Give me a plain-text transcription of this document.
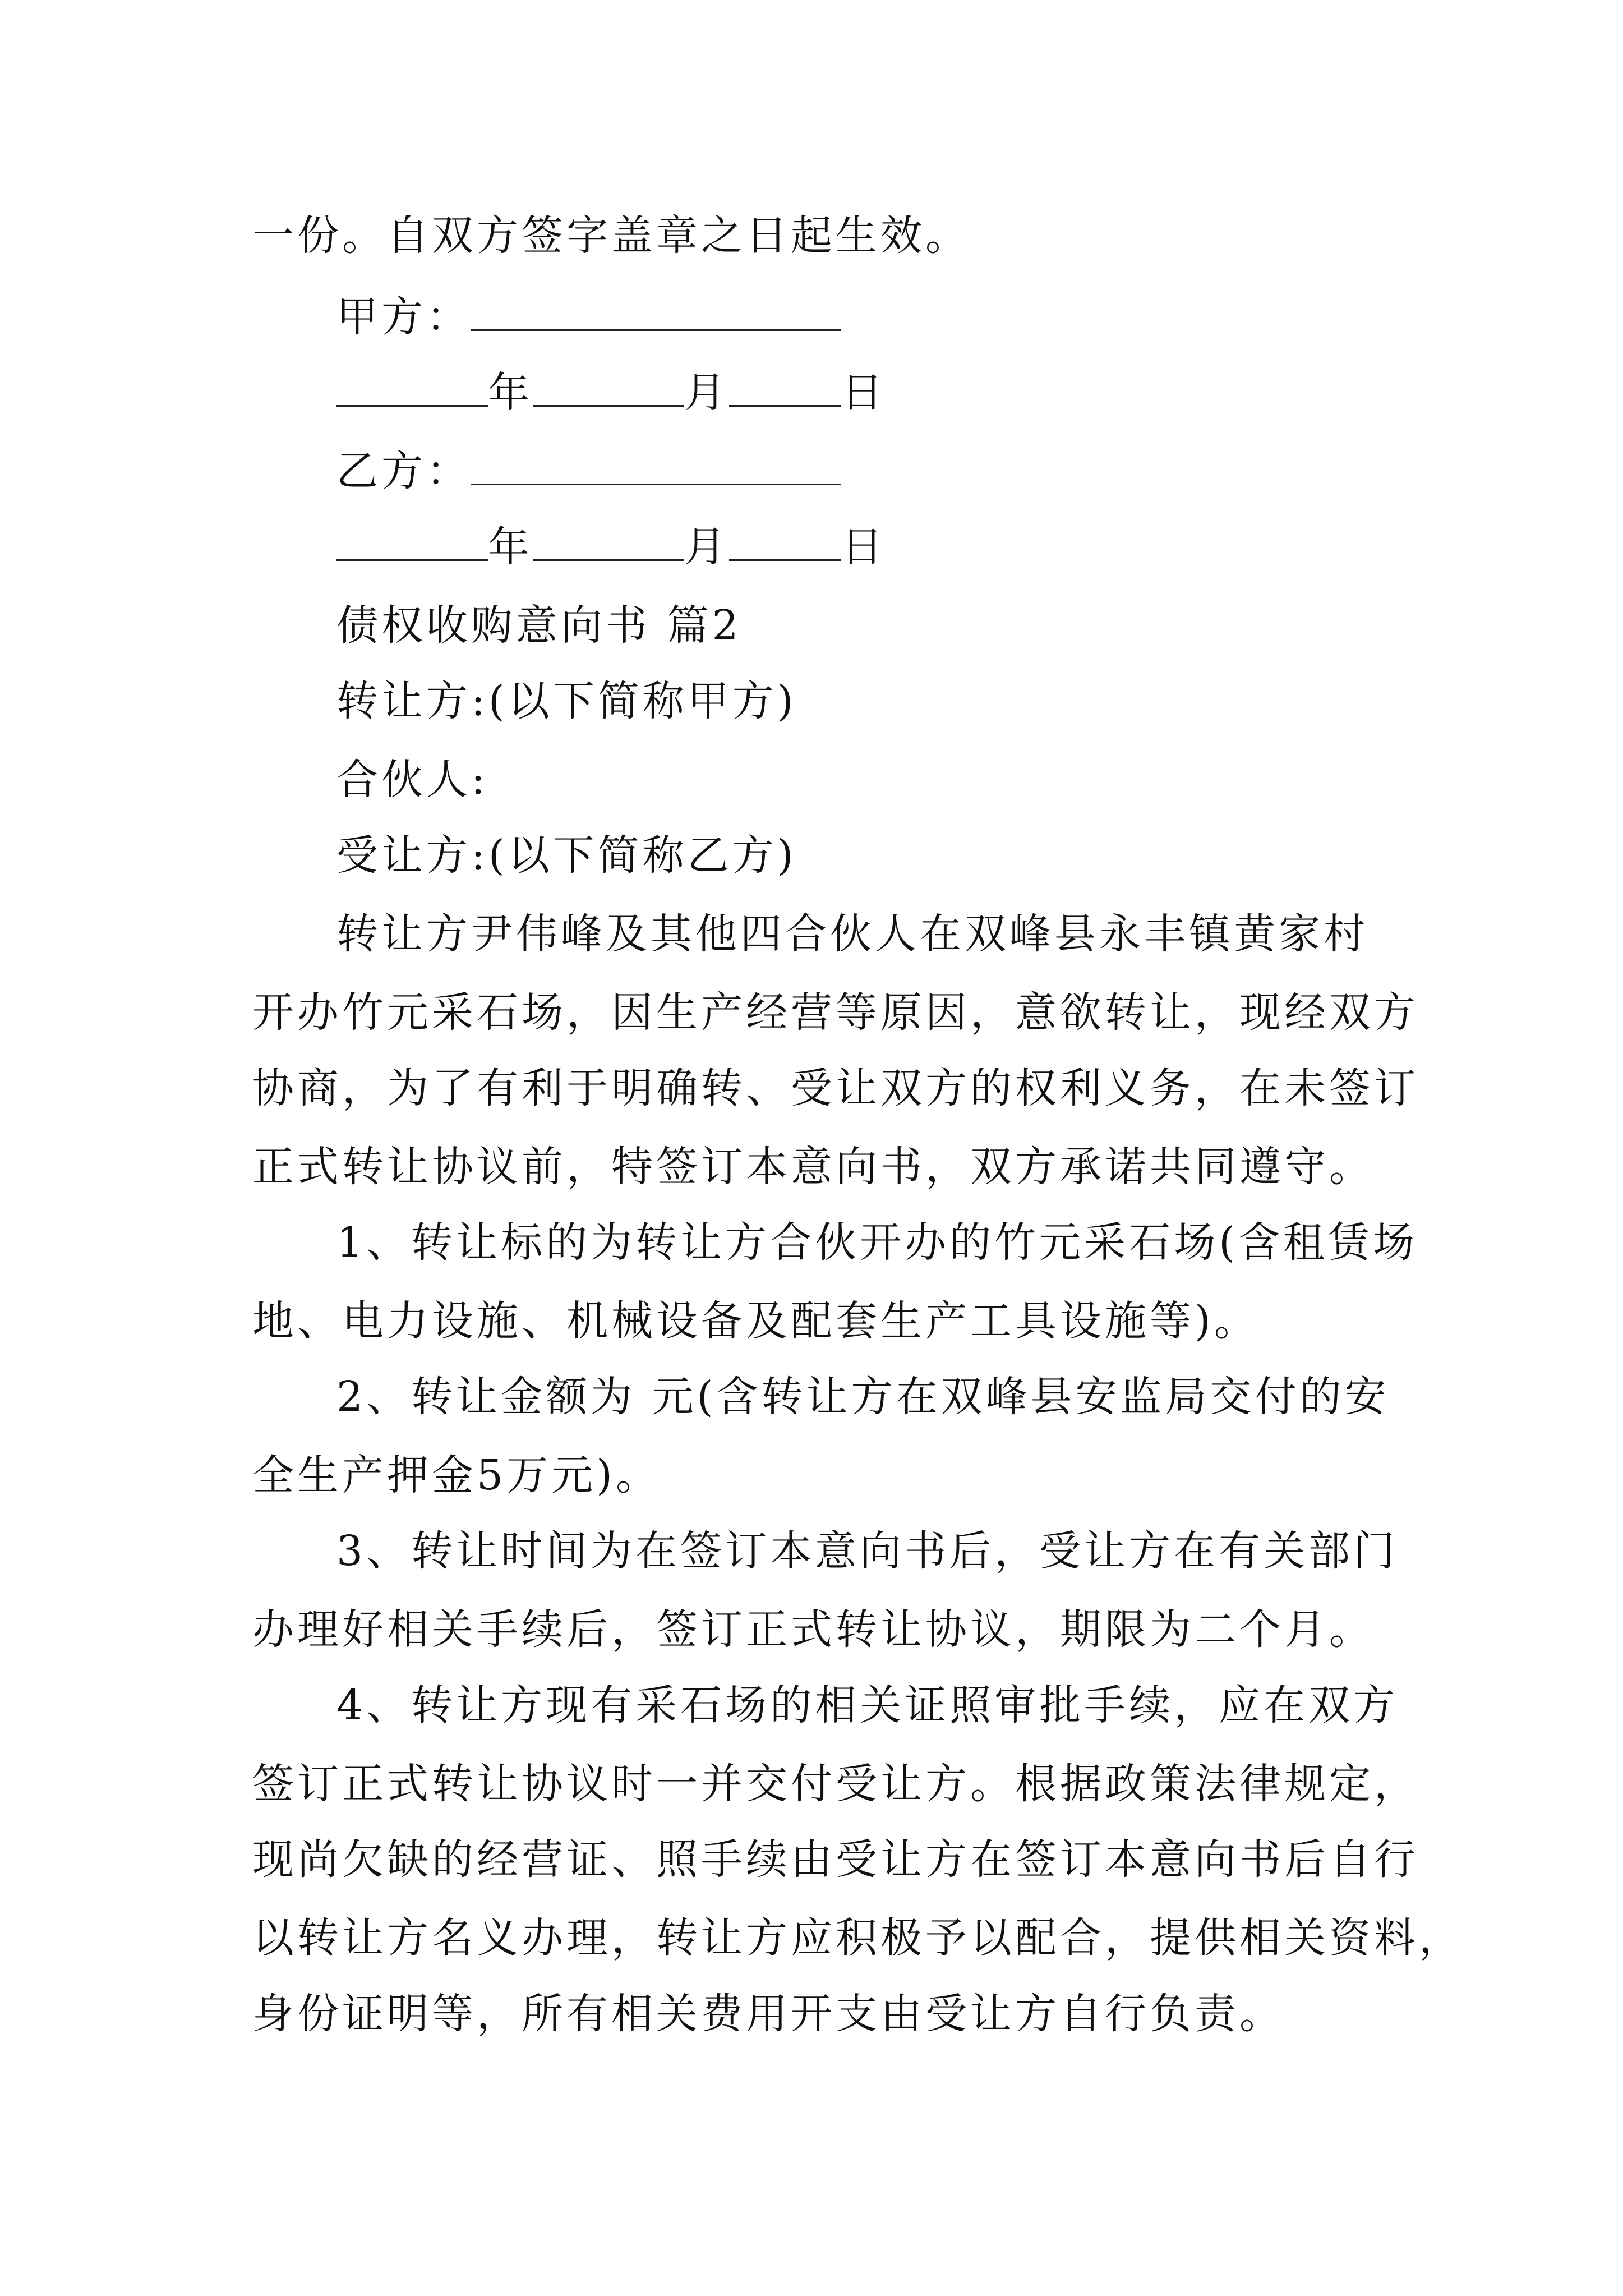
一份。自双方签字盖章之日起生效。
甲方：
年	月	日
乙方：
年	月	日
债权收购意向书 篇2
转让方:(以下简称甲方)
合伙人:
受让方:(以下简称乙方)
转让方尹伟峰及其他四合伙人在双峰县永丰镇黄家村
开办竹元采石场，因生产经营等原因，意欲转让，现经双方
协商，为了有利于明确转、受让双方的权利义务，在未签订
正式转让协议前，特签订本意向书，双方承诺共同遵守。
1、转让标的为转让方合伙开办的竹元采石场(含租赁场
地、电力设施、机械设备及配套生产工具设施等)。
2、转让金额为 元(含转让方在双峰县安监局交付的安
全生产押金5万元)。
3、转让时间为在签订本意向书后，受让方在有关部门
办理好相关手续后，签订正式转让协议，期限为二个月。
4、转让方现有采石场的相关证照审批手续，应在双方
签订正式转让协议时一并交付受让方。根据政策法律规定，
现尚欠缺的经营证、照手续由受让方在签订本意向书后自行
以转让方名义办理，转让方应积极予以配合，提供相关资料，
身份证明等，所有相关费用开支由受让方自行负责。
